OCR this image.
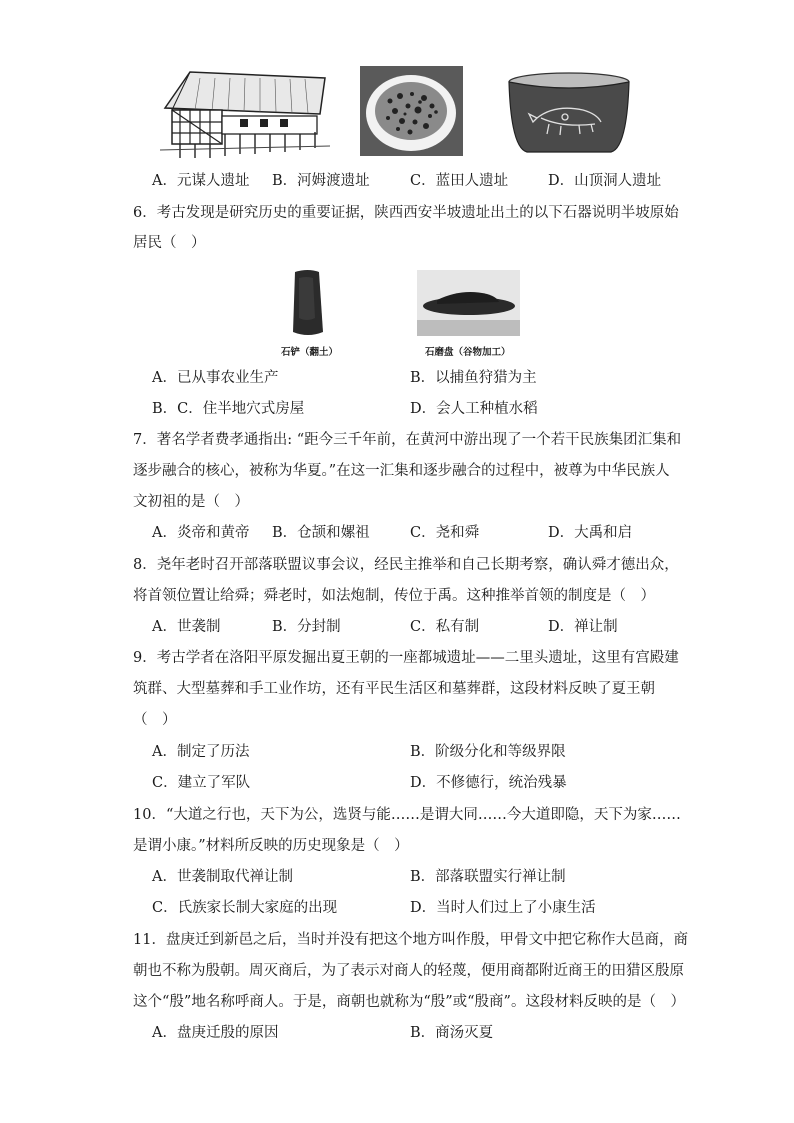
A．元谋人遗址 B．河姆渡遗址	C．蓝田人遗址	D．山顶洞人遗址
6．考古发现是研究历史的重要证据，陕西西安半坡遗址出土的以下石器说明半坡原始
居民（　）
石铲（翻土）	石磨盘（谷物加工）
A．已从事农业生产	B．以捕鱼狩猎为主
B．C．住半地穴式房屋	D．会人工种植水稻
7．著名学者费孝通指出: “距今三千年前，在黄河中游出现了一个若干民族集团汇集和
逐步融合的核心，被称为华夏。”在这一汇集和逐步融合的过程中，被尊为中华民族人
文初祖的是（　）
A．炎帝和黄帝 B．仓颉和嫘祖	C．尧和舜	D．大禹和启
8．尧年老时召开部落联盟议事会议，经民主推举和自己长期考察，确认舜才德出众，
将首领位置让给舜；舜老时，如法炮制，传位于禹。这种推举首领的制度是（　）
A．世袭制	B．分封制	C．私有制	D．禅让制
9．考古学者在洛阳平原发掘出夏王朝的一座都城遗址——二里头遗址，这里有宫殿建
筑群、大型墓葬和手工业作坊，还有平民生活区和墓葬群，这段材料反映了夏王朝
（　）
A．制定了历法	B．阶级分化和等级界限
C．建立了军队	D．不修德行，统治残暴
10．“大道之行也，天下为公，选贤与能……是谓大同……今大道即隐，天下为家……
是谓小康。”材料所反映的历史现象是（　）
A．世袭制取代禅让制	B．部落联盟实行禅让制
C．氏族家长制大家庭的出现	D．当时人们过上了小康生活
11．盘庚迁到新邑之后，当时并没有把这个地方叫作殷，甲骨文中把它称作大邑商，商
朝也不称为殷朝。周灭商后，为了表示对商人的轻蔑，便用商都附近商王的田猎区殷原
这个“殷”地名称呼商人。于是，商朝也就称为“殷”或“殷商”。这段材料反映的是（　）
A．盘庚迁殷的原因	B．商汤灭夏
